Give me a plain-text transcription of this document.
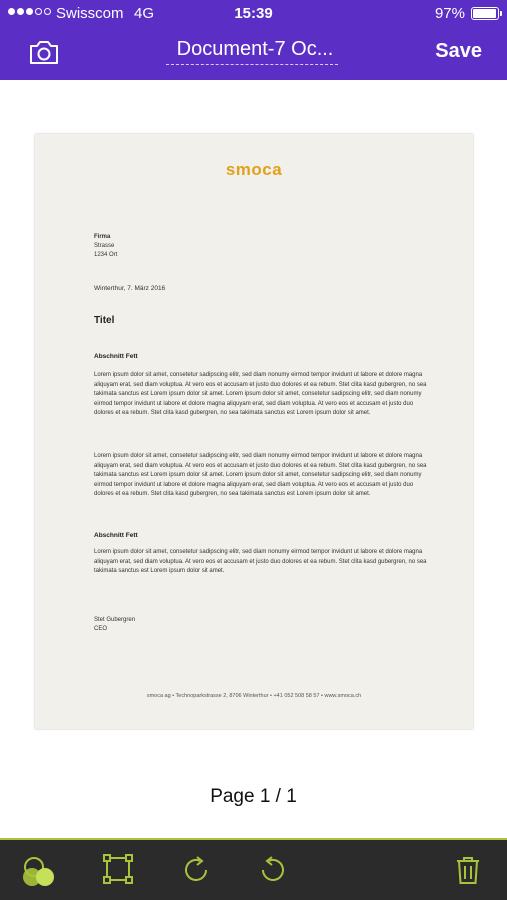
Swisscom 4G	15:39	97%
Document-7 Oc...	Save
smoca
Firma
Strasse
1234 Ort
Winterthur, 7. März 2016
Titel
Abschnitt Fett
Lorem ipsum dolor sit amet, consetetur sadipscing elitr, sed diam nonumy eirmod tempor invidunt ut labore et dolore magna aliquyam erat, sed diam voluptua. At vero eos et accusam et justo duo dolores et ea rebum. Stet clita kasd gubergren, no sea takimata sanctus est Lorem ipsum dolor sit amet. Lorem ipsum dolor sit amet, consetetur sadipscing elitr, sed diam nonumy eirmod tempor invidunt ut labore et dolore magna aliquyam erat, sed diam voluptua. At vero eos et accusam et justo duo dolores et ea rebum. Stet clita kasd gubergren, no sea takimata sanctus est Lorem ipsum dolor sit amet.
Lorem ipsum dolor sit amet, consetetur sadipscing elitr, sed diam nonumy eirmod tempor invidunt ut labore et dolore magna aliquyam erat, sed diam voluptua. At vero eos et accusam et justo duo dolores et ea rebum. Stet clita kasd gubergren, no sea takimata sanctus est Lorem ipsum dolor sit amet. Lorem ipsum dolor sit amet, consetetur sadipscing elitr, sed diam nonumy eirmod tempor invidunt ut labore et dolore magna aliquyam erat, sed diam voluptua. At vero eos et accusam et justo duo dolores et ea rebum. Stet clita kasd gubergren, no sea takimata sanctus est Lorem ipsum dolor sit amet.
Abschnitt Fett
Lorem ipsum dolor sit amet, consetetur sadipscing elitr, sed diam nonumy eirmod tempor invidunt ut labore et dolore magna aliquyam erat, sed diam voluptua. At vero eos et accusam et justo duo dolores et ea rebum. Stet clita kasd gubergren, no sea takimata sanctus est Lorem ipsum dolor sit amet.
Stet Gubergren
CEO
smoca ag • Technoparkstrasse 2, 8706 Winterthur • +41 052 508 58 57 • www.smoca.ch
Page 1 / 1
